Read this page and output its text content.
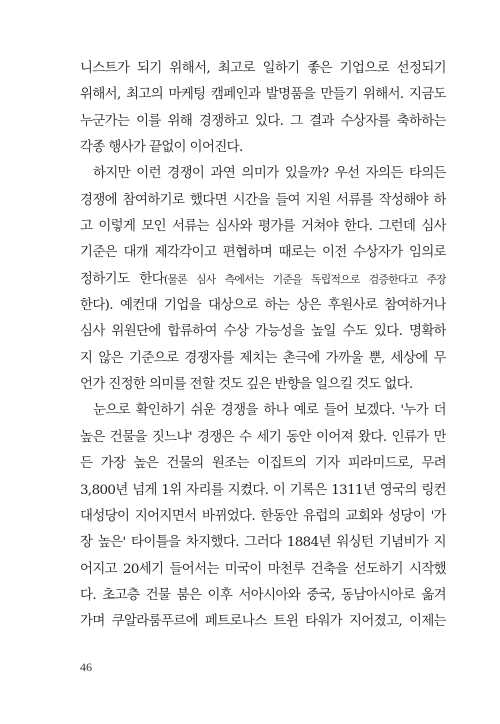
니스트가 되기 위해서, 최고로 일하기 좋은 기업으로 선정되기
위해서, 최고의 마케팅 캠페인과 발명품을 만들기 위해서. 지금도
누군가는 이를 위해 경쟁하고 있다. 그 결과 수상자를 축하하는
각종 행사가 끝없이 이어진다.
하지만 이런 경쟁이 과연 의미가 있을까? 우선 자의든 타의든
경쟁에 참여하기로 했다면 시간을 들여 지원 서류를 작성해야 하
고 이렇게 모인 서류는 심사와 평가를 거쳐야 한다. 그런데 심사
기준은 대개 제각각이고 편협하며 때로는 이전 수상자가 임의로
정하기도 한다(물론 심사 측에서는 기준을 독립적으로 검증한다고 주장
한다). 예컨대 기업을 대상으로 하는 상은 후원사로 참여하거나
심사 위원단에 합류하여 수상 가능성을 높일 수도 있다. 명확하
지 않은 기준으로 경쟁자를 제치는 촌극에 가까울 뿐, 세상에 무
언가 진정한 의미를 전할 것도 깊은 반향을 일으킬 것도 없다.
눈으로 확인하기 쉬운 경쟁을 하나 예로 들어 보겠다. '누가 더
높은 건물을 짓느냐' 경쟁은 수 세기 동안 이어져 왔다. 인류가 만
든 가장 높은 건물의 원조는 이집트의 기자 피라미드로, 무려
3,800년 넘게 1위 자리를 지켰다. 이 기록은 1311년 영국의 링컨
대성당이 지어지면서 바뀌었다. 한동안 유럽의 교회와 성당이 '가
장 높은' 타이틀을 차지했다. 그러다 1884년 워싱턴 기념비가 지
어지고 20세기 들어서는 미국이 마천루 건축을 선도하기 시작했
다. 초고층 건물 붐은 이후 서아시아와 중국, 동남아시아로 옮겨
가며 쿠알라룸푸르에 페트로나스 트윈 타워가 지어졌고, 이제는
46
